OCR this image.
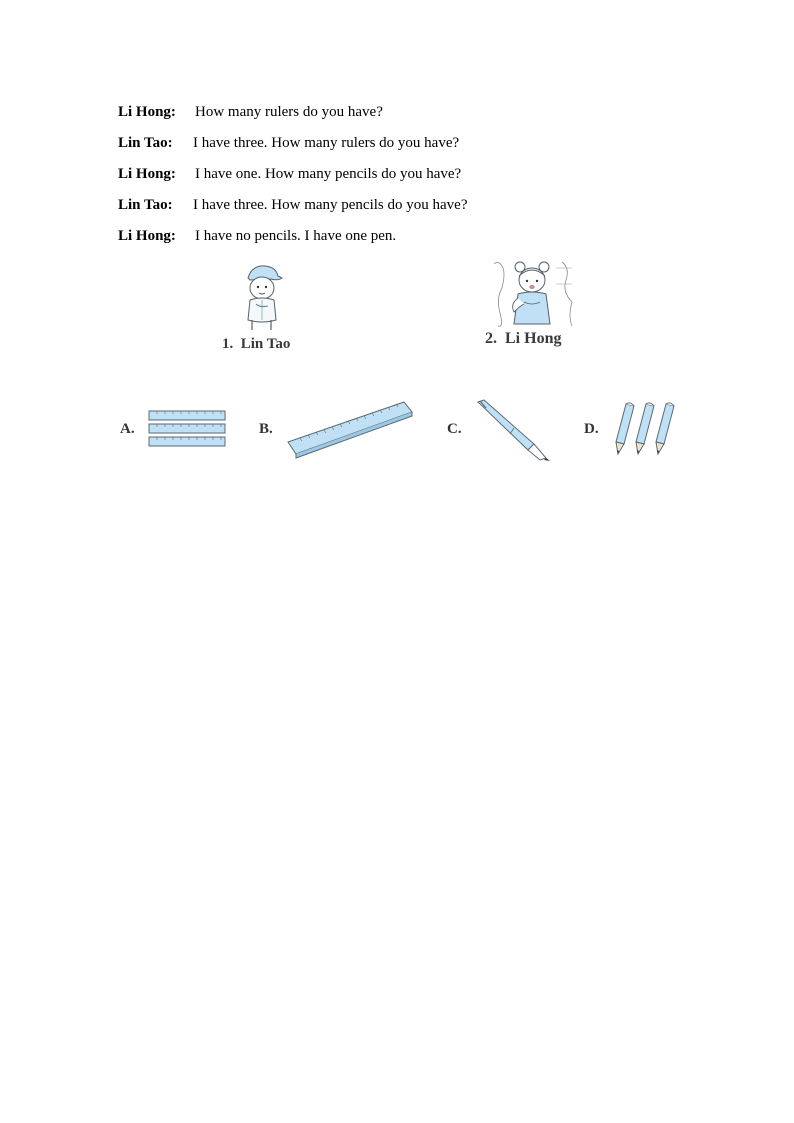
Li Hong: How many rulers do you have?
Lin Tao: I have three. How many rulers do you have?
Li Hong: I have one. How many pencils do you have?
Lin Tao: I have three. How many pencils do you have?
Li Hong: I have no pencils. I have one pen.
1. Lin Tao	2. Li Hong
A.	B.	C.	D.
